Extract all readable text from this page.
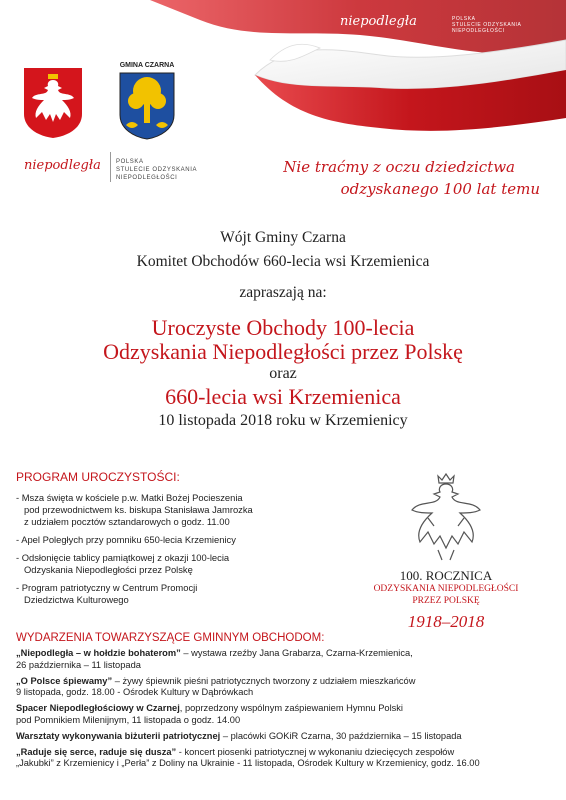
niepodległa	POLSKA
STULECIE ODZYSKANIA
NIEPODLEGŁOŚCI
GMINA CZARNA
niepodległa	POLSKA
STULECIE ODZYSKANIA
NIEPODLEGŁOŚCI
Nie traćmy z oczu dziedzictwa
odzyskanego 100 lat temu
Wójt Gminy Czarna
Komitet Obchodów 660-lecia wsi Krzemienica
zapraszają na:
Uroczyste Obchody 100-lecia
Odzyskania Niepodległości przez Polskę
oraz
660-lecia wsi Krzemienica
10 listopada 2018 roku w Krzemienicy
PROGRAM UROCZYSTOŚCI:
- Msza święta w kościele p.w. Matki Bożej Pocieszenia
pod przewodnictwem ks. biskupa Stanisława Jamrozka
z udziałem pocztów sztandarowych o godz. 11.00
- Apel Poległych przy pomniku 650-lecia Krzemienicy
- Odsłonięcie tablicy pamiątkowej z okazji 100-lecia
Odzyskania Niepodległości przez Polskę
- Program patriotyczny w Centrum Promocji
Dziedzictwa Kulturowego
100. ROCZNICA
ODZYSKANIA NIEPODLEGŁOŚCI
PRZEZ POLSKĘ
1918–2018
WYDARZENIA TOWARZYSZĄCE GMINNYM OBCHODOM:
„Niepodległa – w hołdzie bohaterom” – wystawa rzeźby Jana Grabarza, Czarna-Krzemienica,
26 października – 11 listopada
„O Polsce śpiewamy” – żywy śpiewnik pieśni patriotycznych tworzony z udziałem mieszkańców
9 listopada, godz. 18.00 - Ośrodek Kultury w Dąbrówkach
Spacer Niepodległościowy w Czarnej, poprzedzony wspólnym zaśpiewaniem Hymnu Polski
pod Pomnikiem Milenijnym, 11 listopada o godz. 14.00
Warsztaty wykonywania biżuterii patriotycznej – placówki GOKiR Czarna, 30 października – 15 listopada
„Raduje się serce, raduje się dusza” - koncert piosenki patriotycznej w wykonaniu dziecięcych zespołów
„Jakubki” z Krzemienicy i „Perła” z Doliny na Ukrainie - 11 listopada, Ośrodek Kultury w Krzemienicy, godz. 16.00
